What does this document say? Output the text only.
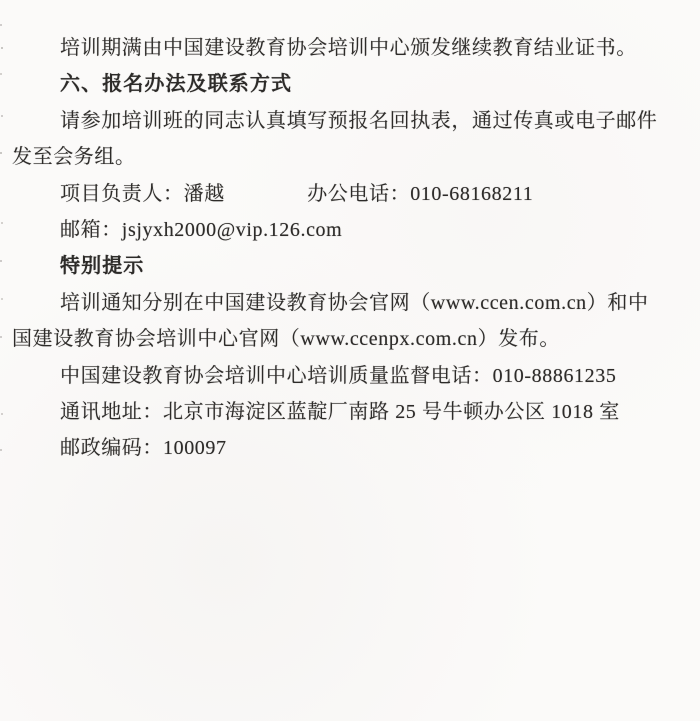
培训期满由中国建设教育协会培训中心颁发继续教育结业证书。
六、报名办法及联系方式
请参加培训班的同志认真填写预报名回执表，通过传真或电子邮件
发至会务组。
项目负责人：潘越　　　　办公电话：010-68168211
邮箱：jsjyxh2000@vip.126.com
特别提示
培训通知分别在中国建设教育协会官网（www.ccen.com.cn）和中
国建设教育协会培训中心官网（www.ccenpx.com.cn）发布。
中国建设教育协会培训中心培训质量监督电话：010-88861235
通讯地址：北京市海淀区蓝靛厂南路 25 号牛顿办公区 1018 室
邮政编码：100097
